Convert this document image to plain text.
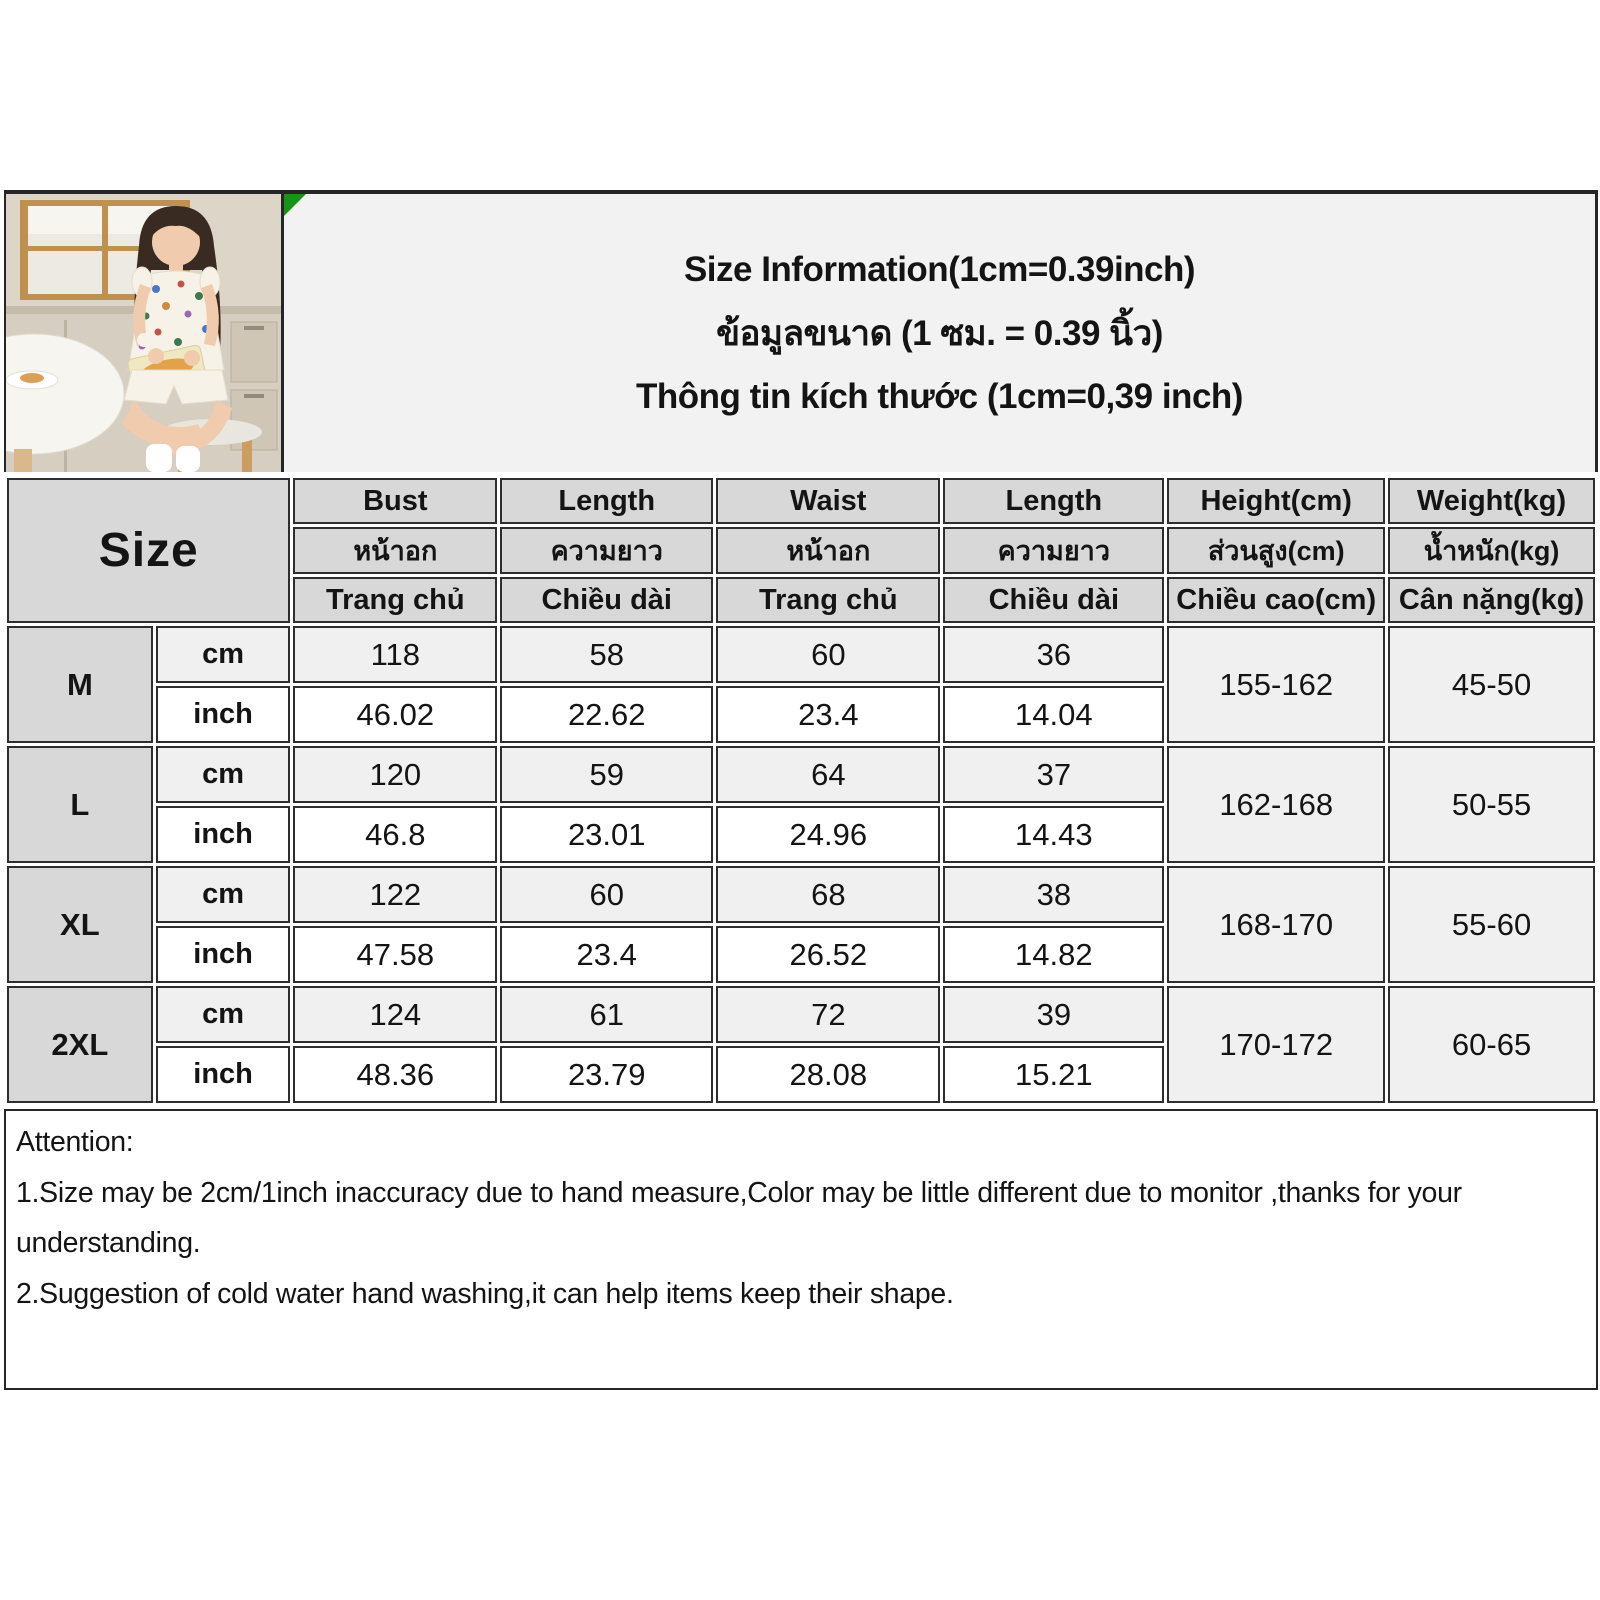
Size Information(1cm=0.39inch)
ข้อมูลขนาด (1 ซม. = 0.39 นิ้ว)
Thông tin kích thước (1cm=0,39 inch)
Size		Bust	Length	Waist	Length	Height(cm)	Weight(kg)
		หน้าอก	ความยาว	หน้าอก	ความยาว	ส่วนสูง(cm)	น้ำหนัก(kg)
		Trang chủ	Chiều dài	Trang chủ	Chiều dài	Chiều cao(cm)	Cân nặng(kg)
M	cm	118	58	60	36	155-162	45-50
	inch	46.02	22.62	23.4	14.04		
L	cm	120	59	64	37	162-168	50-55
	inch	46.8	23.01	24.96	14.43		
XL	cm	122	60	68	38	168-170	55-60
	inch	47.58	23.4	26.52	14.82		
2XL	cm	124	61	72	39	170-172	60-65
	inch	48.36	23.79	28.08	15.21		

Attention:

1.Size may be 2cm/1inch inaccuracy due to hand measure,Color may be little different due to monitor ,thanks for your understanding.

2.Suggestion of cold water hand washing,it can help items keep their shape.
